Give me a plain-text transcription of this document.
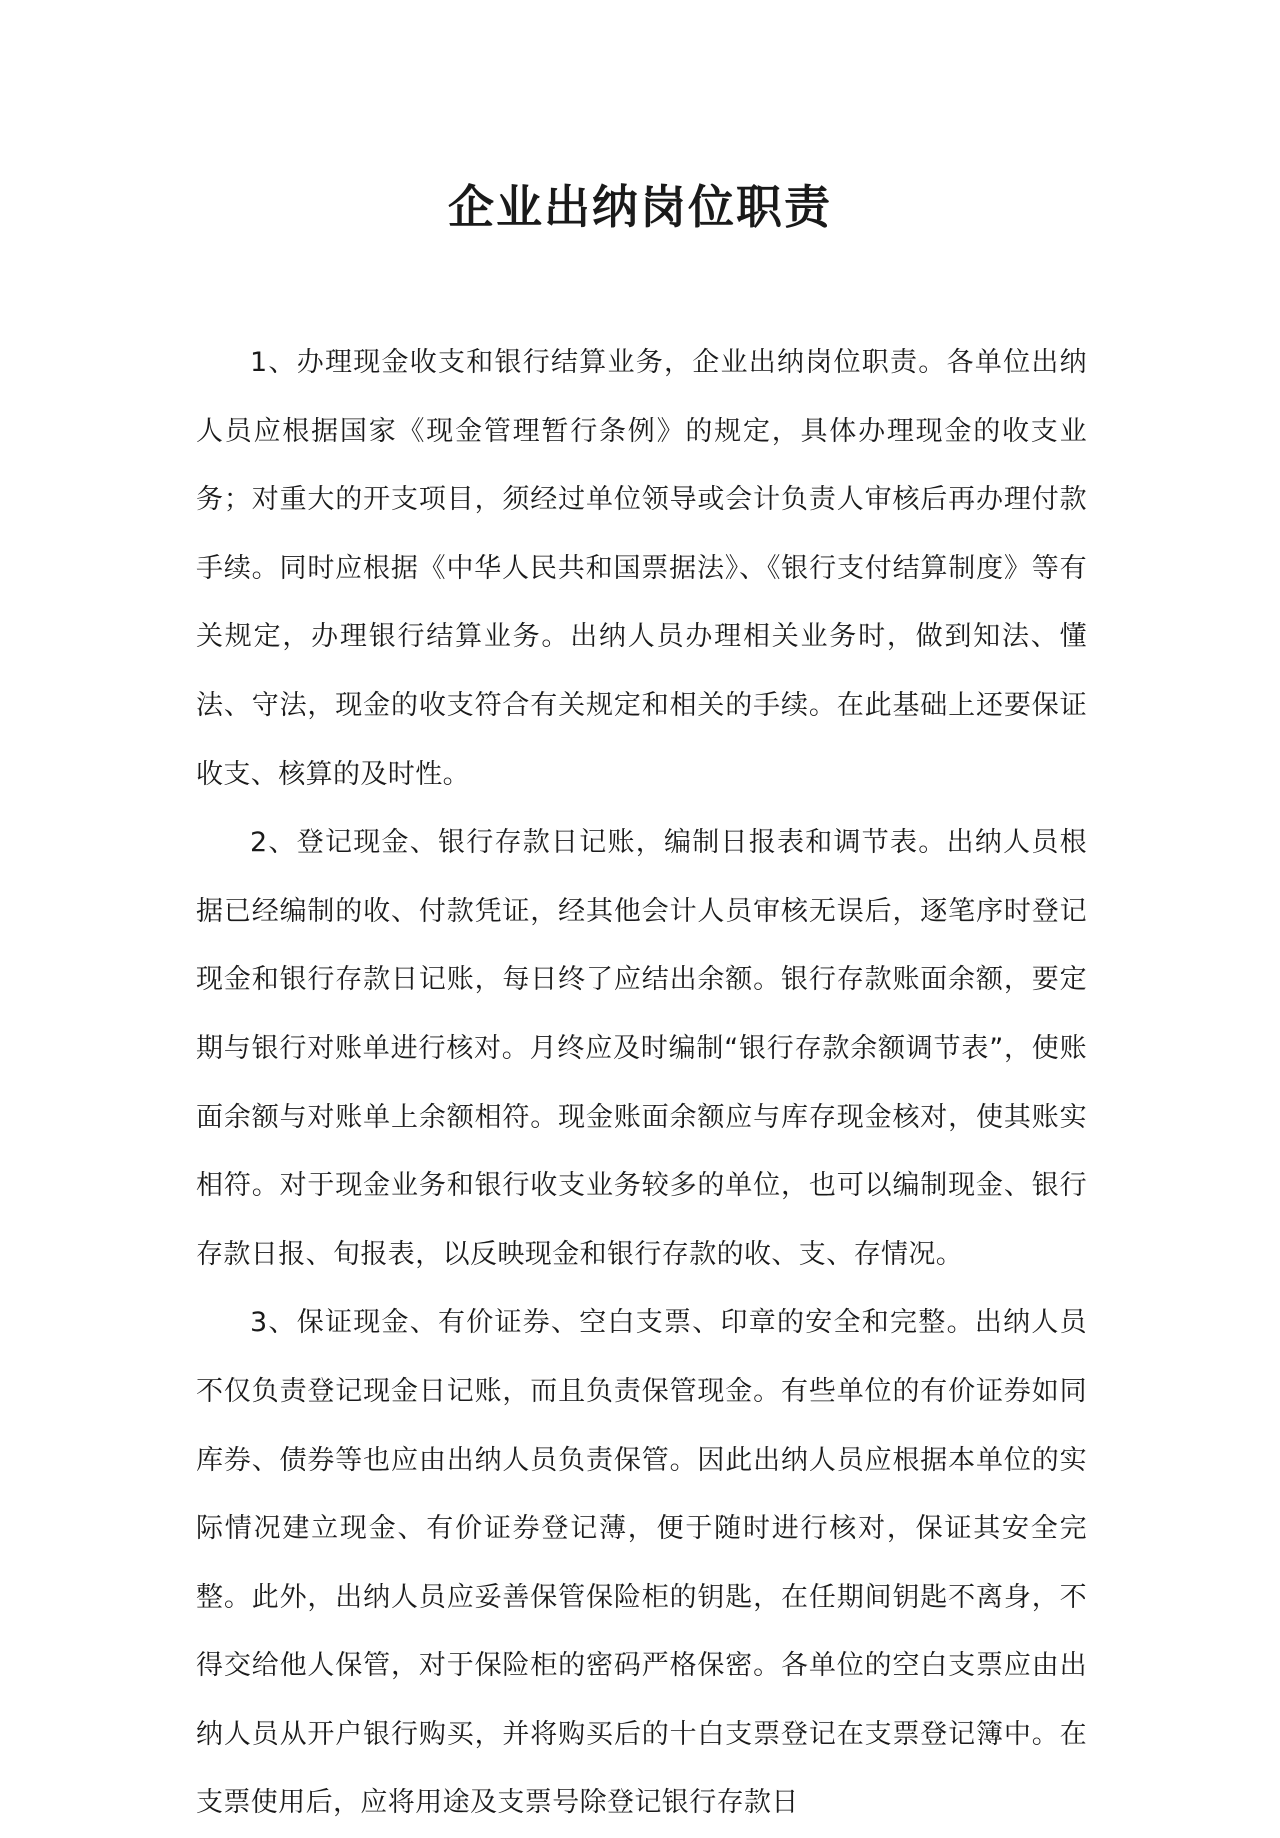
企业出纳岗位职责

1、办理现金收支和银行结算业务，企业出纳岗位职责。各单位出纳人员应根据国家《现金管理暂行条例》的规定，具体办理现金的收支业务；对重大的开支项目，须经过单位领导或会计负责人审核后再办理付款手续。同时应根据《中华人民共和国票据法》、《银行支付结算制度》等有关规定，办理银行结算业务。出纳人员办理相关业务时，做到知法、懂法、守法，现金的收支符合有关规定和相关的手续。在此基础上还要保证收支、核算的及时性。

2、登记现金、银行存款日记账，编制日报表和调节表。出纳人员根据已经编制的收、付款凭证，经其他会计人员审核无误后，逐笔序时登记现金和银行存款日记账，每日终了应结出余额。银行存款账面余额，要定期与银行对账单进行核对。月终应及时编制“银行存款余额调节表”，使账面余额与对账单上余额相符。现金账面余额应与库存现金核对，使其账实相符。对于现金业务和银行收支业务较多的单位，也可以编制现金、银行存款日报、旬报表，以反映现金和银行存款的收、支、存情况。

3、保证现金、有价证券、空白支票、印章的安全和完整。出纳人员不仅负责登记现金日记账，而且负责保管现金。有些单位的有价证券如同库券、债券等也应由出纳人员负责保管。因此出纳人员应根据本单位的实际情况建立现金、有价证券登记薄，便于随时进行核对，保证其安全完整。此外，出纳人员应妥善保管保险柜的钥匙，在任期间钥匙不离身，不得交给他人保管，对于保险柜的密码严格保密。各单位的空白支票应由出纳人员从开户银行购买，并将购买后的十白支票登记在支票登记簿中。在支票使用后，应将用途及支票号除登记银行存款日
